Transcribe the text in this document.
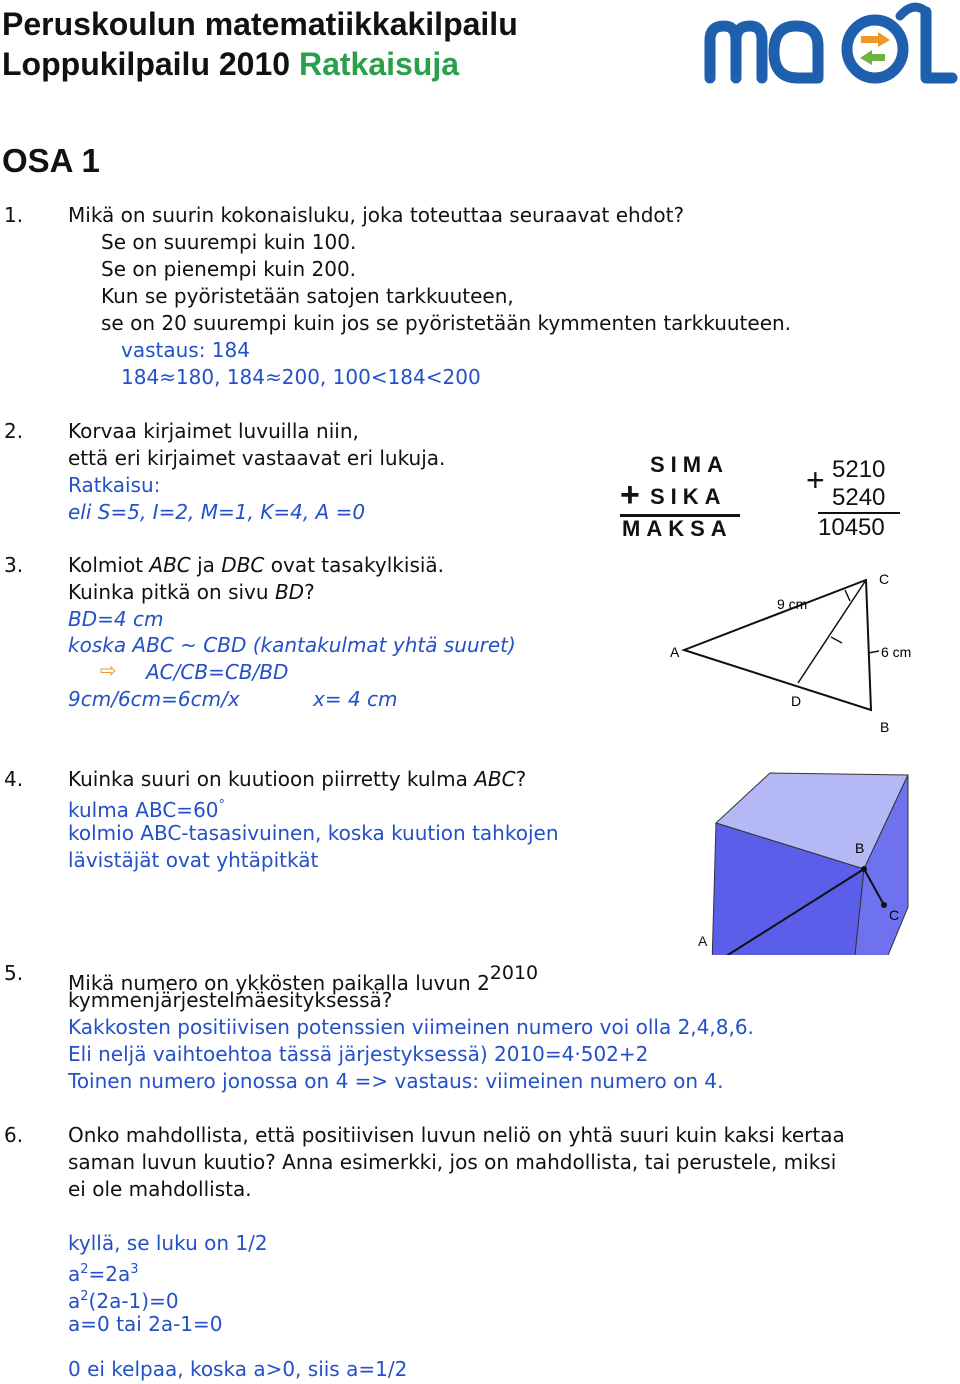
Peruskoulun matematiikkakilpailu
Loppukilpailu 2010 Ratkaisuja
MAOL
OSA 1
1. Mikä on suurin kokonaisluku, joka toteuttaa seuraavat ehdot?
Se on suurempi kuin 100.
Se on pienempi kuin 200.
Kun se pyöristetään satojen tarkkuuteen,
se on 20 suurempi kuin jos se pyöristetään kymmenten tarkkuuteen.
vastaus: 184
184≈180, 184≈200, 100<184<200
2. Korvaa kirjaimet luvuilla niin,
että eri kirjaimet vastaavat eri lukuja.
Ratkaisu:
eli S=5, I=2, M=1, K=4, A =0
SIMA
+ SIKA
MAKSA
5210
+ 5240
10450
3. Kolmiot ABC ja DBC ovat tasakylkisiä.
Kuinka pitkä on sivu BD?
BD=4 cm
koska ABC ~ CBD (kantakulmat yhtä suuret)
⇨ AC/CB=CB/BD
9cm/6cm=6cm/x	x= 4 cm
A
C
D
B
9 cm
6 cm
4. Kuinka suuri on kuutioon piirretty kulma ABC?
kulma ABC=60°
kolmio ABC-tasasivuinen, koska kuution tahkojen
lävistäjät ovat yhtäpitkät	B
C
A
5. Mikä numero on ykkösten paikalla luvun 22010
kymmenjärjestelmäesityksessä?
Kakkosten positiivisen potenssien viimeinen numero voi olla 2,4,8,6.
Eli neljä vaihtoehtoa tässä järjestyksessä) 2010=4·502+2
Toinen numero jonossa on 4 => vastaus: viimeinen numero on 4.
6. Onko mahdollista, että positiivisen luvun neliö on yhtä suuri kuin kaksi kertaa
saman luvun kuutio? Anna esimerkki, jos on mahdollista, tai perustele, miksi
ei ole mahdollista.
kyllä, se luku on 1/2
$a^2=2a^3$
$a^2(2a-1)=0$
a=0 tai 2a-1=0
0 ei kelpaa, koska a>0, siis a=1/2
